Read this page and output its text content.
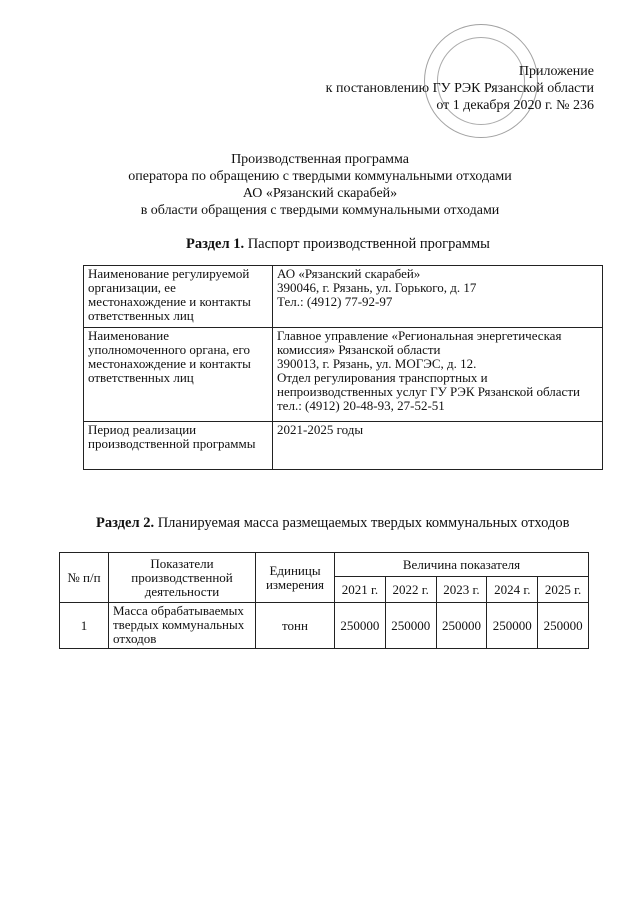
Приложение
к постановлению ГУ РЭК Рязанской области
от 1 декабря 2020 г. № 236
Производственная программа
оператора по обращению с твердыми коммунальными отходами
АО «Рязанский скарабей»
в области обращения с твердыми коммунальными отходами
Раздел 1. Паспорт производственной программы
Наименование регулируемой организации, ее местонахождение и контакты ответственных лиц	АО «Рязанский скарабей»
390046, г. Рязань, ул. Горького, д. 17
Тел.: (4912) 77-92-97

Наименование уполномоченного органа, его местонахождение и контакты ответственных лиц	Главное управление «Региональная энергетическая комиссия» Рязанской области
390013, г. Рязань, ул. МОГЭС, д. 12.
Отдел регулирования транспортных и непроизводственных услуг ГУ РЭК Рязанской области тел.: (4912) 20-48-93, 27-52-51

Период реализации производственной программы	2021-2025 годы
Раздел 2. Планируемая масса размещаемых твердых коммунальных отходов
№ п/п	Показатели производственной деятельности	Единицы измерения	Величина показателя				
			2021 г.	2022 г.	2023 г.	2024 г.	2025 г.
1	Масса обрабатываемых твердых коммунальных отходов	тонн	250000	250000	250000	250000	250000
